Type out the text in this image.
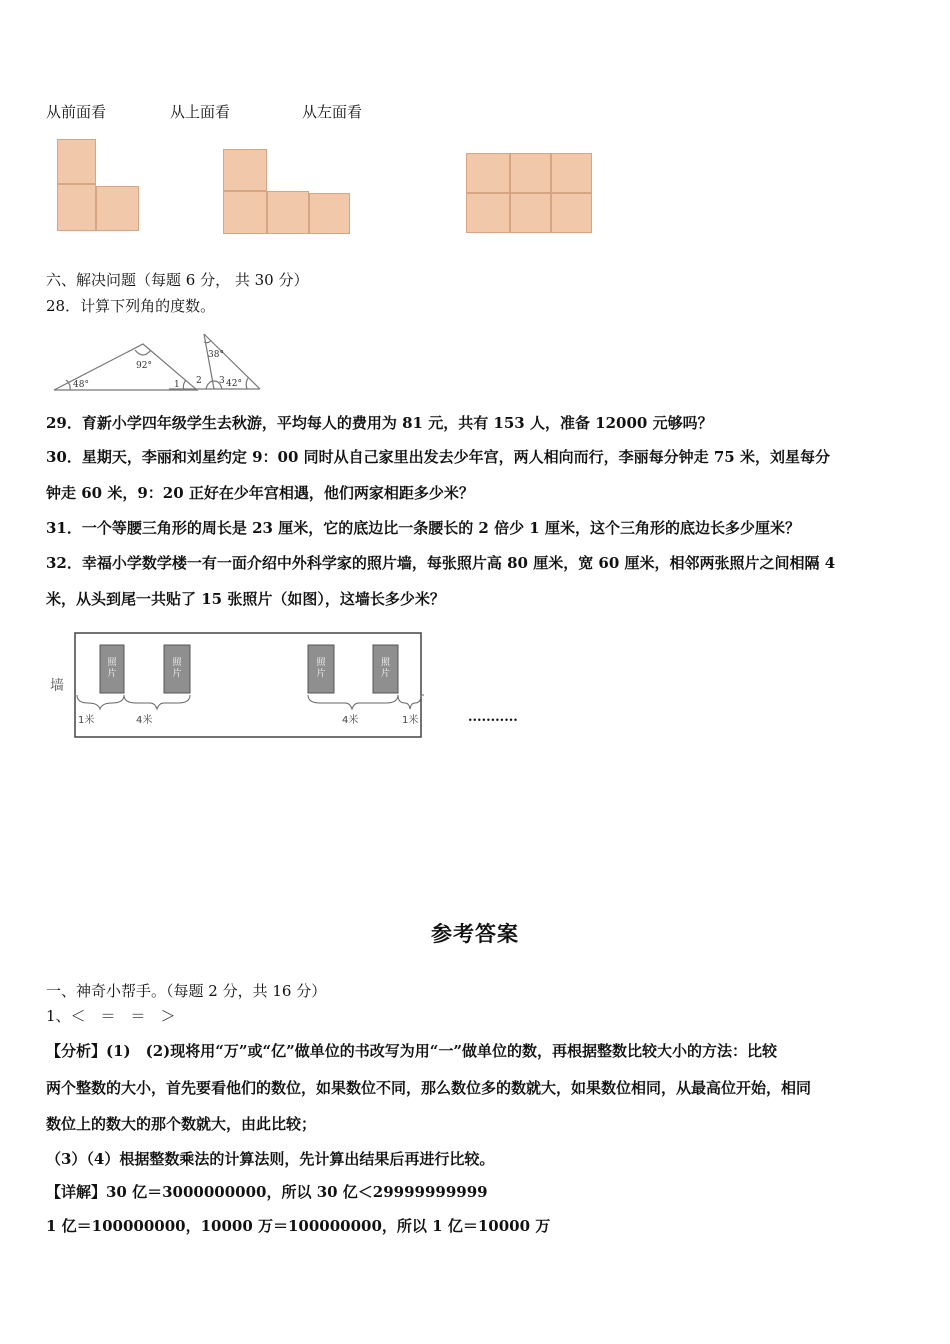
从前面看	从上面看	从左面看
六、解决问题（每题 6 分， 共 30 分）
28．计算下列角的度数。
92°
48°	1
38°
2 3 42°
29．育新小学四年级学生去秋游，平均每人的费用为 81 元，共有 153 人，准备 12000 元够吗？
30．星期天，李丽和刘星约定 9：00 同时从自己家里出发去少年宫，两人相向而行，李丽每分钟走 75 米，刘星每分
钟走 60 米，9：20 正好在少年宫相遇，他们两家相距多少米？
31．一个等腰三角形的周长是 23 厘米，它的底边比一条腰长的 2 倍少 1 厘米，这个三角形的底边长多少厘米？
32．幸福小学数学楼一有一面介绍中外科学家的照片墙，每张照片高 80 厘米，宽 60 厘米，相邻两张照片之间相隔 4
米，从头到尾一共贴了 15 张照片（如图），这墙长多少米？
墙
照
片
照
片
照
片
照
片
1米	4米	4米	1米	...........
参考答案
一、神奇小帮手。（每题 2 分，共 16 分）
1、＜　＝　＝　＞
【分析】(1)　(2)现将用“万”或“亿”做单位的书改写为用“一”做单位的数，再根据整数比较大小的方法：比较
两个整数的大小，首先要看他们的数位，如果数位不同，那么数位多的数就大，如果数位相同，从最高位开始，相同
数位上的数大的那个数就大，由此比较；
（3）（4）根据整数乘法的计算法则，先计算出结果后再进行比较。
【详解】30 亿＝3000000000，所以 30 亿＜29999999999
1 亿＝100000000，10000 万＝100000000，所以 1 亿＝10000 万
